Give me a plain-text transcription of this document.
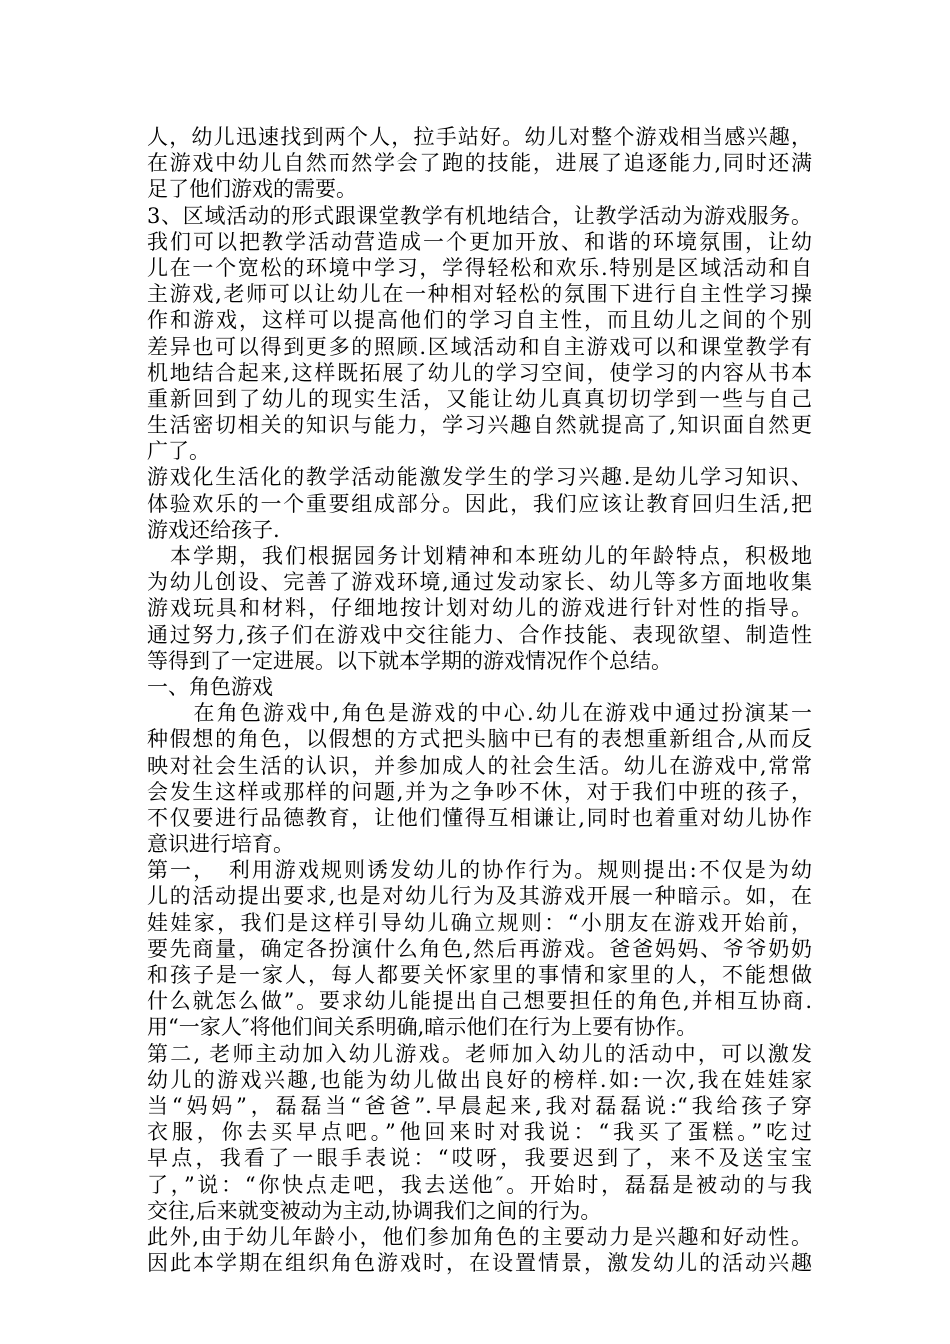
人，幼儿迅速找到两个人，拉手站好。幼儿对整个游戏相当感兴趣，
在游戏中幼儿自然而然学会了跑的技能，进展了追逐能力,同时还满
足了他们游戏的需要。
3、区域活动的形式跟课堂教学有机地结合，让教学活动为游戏服务。
我们可以把教学活动营造成一个更加开放、和谐的环境氛围，让幼
儿在一个宽松的环境中学习，学得轻松和欢乐.特别是区域活动和自
主游戏,老师可以让幼儿在一种相对轻松的氛围下进行自主性学习操
作和游戏，这样可以提高他们的学习自主性，而且幼儿之间的个别
差异也可以得到更多的照顾.区域活动和自主游戏可以和课堂教学有
机地结合起来,这样既拓展了幼儿的学习空间，使学习的内容从书本
重新回到了幼儿的现实生活，又能让幼儿真真切切学到一些与自己
生活密切相关的知识与能力，学习兴趣自然就提高了,知识面自然更
广了。
游戏化生活化的教学活动能激发学生的学习兴趣.是幼儿学习知识、
体验欢乐的一个重要组成部分。因此，我们应该让教育回归生活,把
游戏还给孩子.
　本学期，我们根据园务计划精神和本班幼儿的年龄特点，积极地
为幼儿创设、完善了游戏环境,通过发动家长、幼儿等多方面地收集
游戏玩具和材料，仔细地按计划对幼儿的游戏进行针对性的指导。
通过努力,孩子们在游戏中交往能力、合作技能、表现欲望、制造性
等得到了一定进展。以下就本学期的游戏情况作个总结。
一、角色游戏
　　在角色游戏中,角色是游戏的中心.幼儿在游戏中通过扮演某一
种假想的角色，以假想的方式把头脑中已有的表想重新组合,从而反
映对社会生活的认识，并参加成人的社会生活。幼儿在游戏中,常常
会发生这样或那样的问题,并为之争吵不休，对于我们中班的孩子，
不仅要进行品德教育，让他们懂得互相谦让,同时也着重对幼儿协作
意识进行培育。
第一，　利用游戏规则诱发幼儿的协作行为。规则提出:不仅是为幼
儿的活动提出要求,也是对幼儿行为及其游戏开展一种暗示。如，在
娃娃家，我们是这样引导幼儿确立规则：“小朋友在游戏开始前，
要先商量，确定各扮演什么角色,然后再游戏。爸爸妈妈、爷爷奶奶
和孩子是一家人，每人都要关怀家里的事情和家里的人，不能想做
什么就怎么做”。要求幼儿能提出自己想要担任的角色,并相互协商.
用“一家人″将他们间关系明确,暗示他们在行为上要有协作。
第二, 老师主动加入幼儿游戏。老师加入幼儿的活动中，可以激发
幼儿的游戏兴趣,也能为幼儿做出良好的榜样.如:一次,我在娃娃家
当“妈妈”，磊磊当“爸爸”.早晨起来,我对磊磊说:“我给孩子穿
衣服，你去买早点吧。”他回来时对我说：“我买了蛋糕。”吃过
早点，我看了一眼手表说：“哎呀，我要迟到了，来不及送宝宝
了，”说：“你快点走吧，我去送他″。开始时，磊磊是被动的与我
交往,后来就变被动为主动,协调我们之间的行为。
此外,由于幼儿年龄小，他们参加角色的主要动力是兴趣和好动性。
因此本学期在组织角色游戏时，在设置情景，激发幼儿的活动兴趣
